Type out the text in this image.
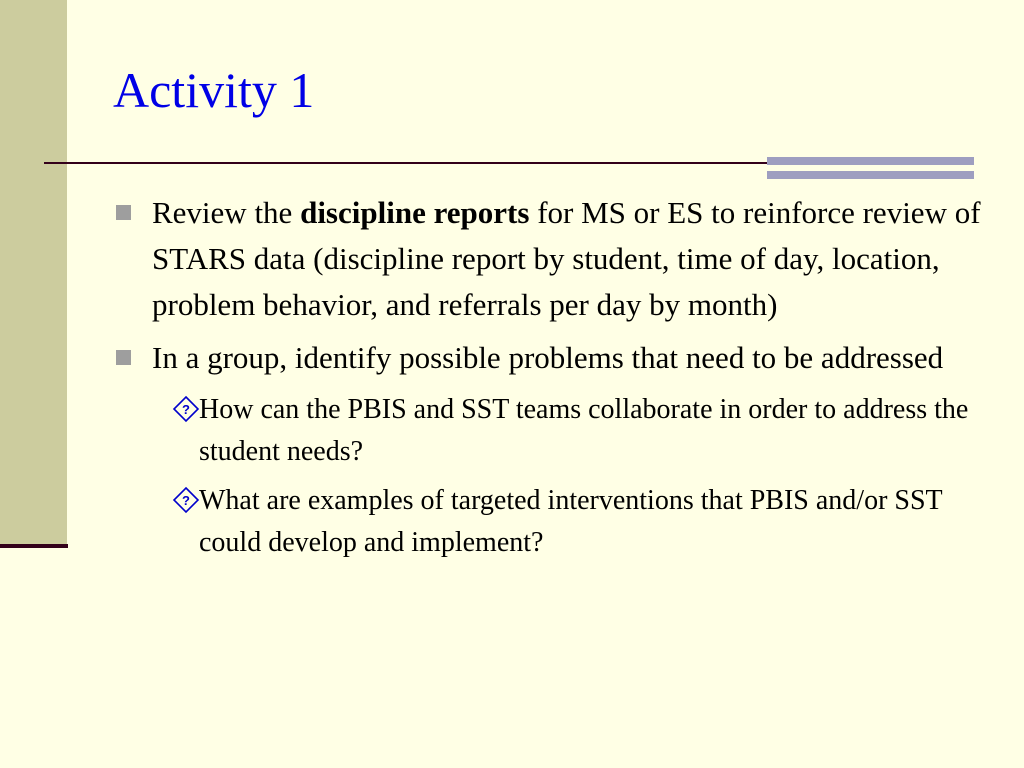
Activity 1
Review the discipline reports for MS or ES to reinforce review of STARS data (discipline report by student, time of day, location, problem behavior, and referrals per day by month)
In a group, identify possible problems that need to be addressed
? How can the PBIS and SST teams collaborate in order to address the student needs?
? What are examples of targeted interventions that PBIS and/or SST could develop and implement?
